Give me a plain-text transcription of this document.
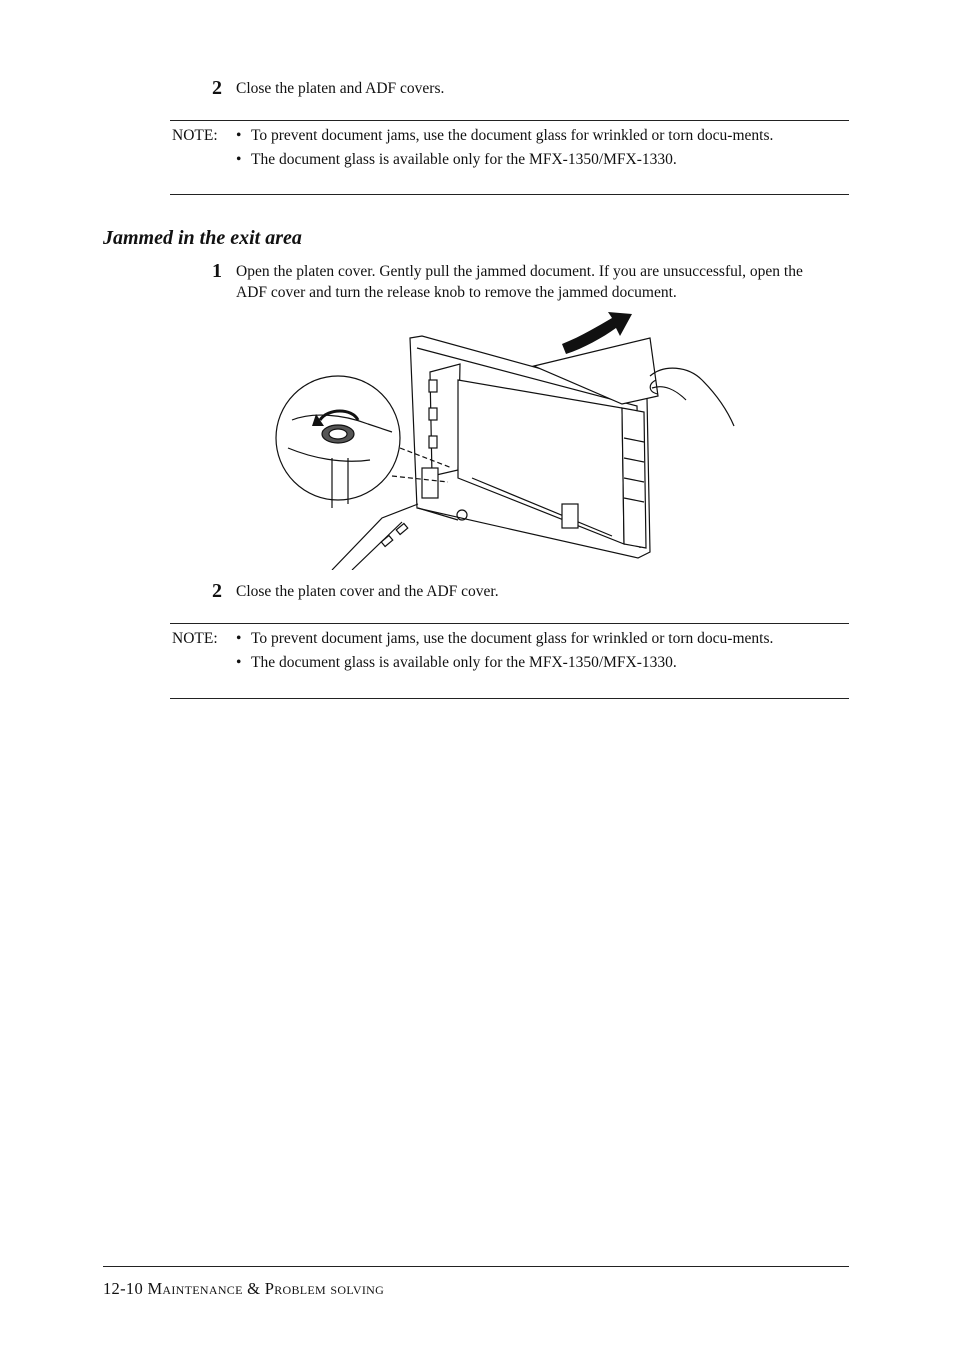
2 Close the platen and ADF covers.
NOTE: • To prevent document jams, use the document glass for wrinkled or torn docu-ments.
• The document glass is available only for the MFX-1350/MFX-1330.
Jammed in the exit area
1 Open the platen cover. Gently pull the jammed document. If you are unsuccessful, open the ADF cover and turn the release knob to remove the jammed document.
2 Close the platen cover and the ADF cover.
NOTE: • To prevent document jams, use the document glass for wrinkled or torn docu-ments.
• The document glass is available only for the MFX-1350/MFX-1330.
12-10 Maintenance & Problem solving
